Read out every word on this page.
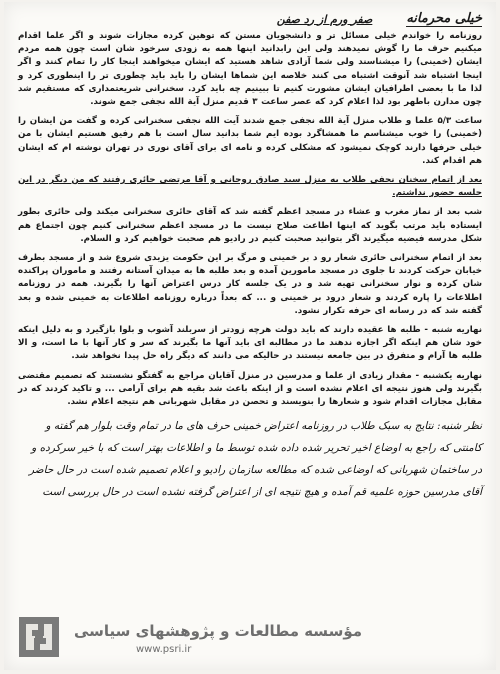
خیلی محرمانه
صفر ورم از رد صفن

روزنامه را خواندم خیلی مسائل تر و دانشجویان مستن که توهین کرده مجازات شوند و اگر علما اقدام میکنیم حرف ما را گوش نمیدهند ولی این رابدانید اینها همه به زودی سرخود شان است چون همه مردم ایشان (خمینی) را میشناسند ولی شما آزادی شاهد هستید که ایشان میخواهند اینجا کار را تمام کنند و اگر اینجا اشتباه شد آنوقت اشتباه می کنند خلاصه این شماها ایشان را باید باید چطوری تر را اینطوری کرد و لذا ما با بعضی اطرافیان ایشان مشورت کنیم تا ببینیم چه باید کرد. سخنرانی شریعتمداری که مستقیم شد چون مدارن باطهر بود لذا اعلام کرد که عصر ساعت ۳ قدیم منزل آیة الله نجفی جمع شوند.

ساعت ۵/۳ علما و طلاب منزل آیة الله نجفی جمع شدند آیت الله نجفی سخنرانی کرده و گفت من ایشان را (خمینی) را خوب میشناسم ما همشاگرد بوده ایم شما بدانید سال است با هم رفیق هستیم ایشان با من خیلی حرفها دارند کوچک نمیشود که مشکلی کرده و نامه ای برای آقای نوری در تهران نوشته ام که ایشان هم اقدام کند.

بعد از اتمام سخنان نجفی طلاب به منزل سید صادق روحانی و آقا مرتضی حائری رفتند که من دیگر در این جلسه حضور نداشتم.

شب بعد از نماز مغرب و عشاء در مسجد اعظم گفته شد که آقای حائری سخنرانی میکند ولی حائری بطور ایستاده باید مرتب بگوید که اینها اطاعت صلاح نیست ما در مسجد اعظم سخنرانی کنیم چون اجتماع هم شکل مدرسه فیضیه میگیرند اگر بتوانید صحبت کنیم در رادیو هم صحبت خواهیم کرد و السلام.

بعد از اتمام سخنرانی حائری شعار رو د بر خمینی و مرگ بر این حکومت یزیدی شروع شد و از مسجد بطرف خیابان حرکت کردند تا جلوی در مسجد مامورین آمده و بعد طلبه ها به میدان آستانه رفتند و ماموران پراکنده شان کرده و نوار سخنرانی تهیه شد و در یک جلسه کار درس اعتراض آنها را بگیرند. همه در روزنامه اطلاعات را پاره کردند و شعار درود بر خمینی و ... که بعداً درباره روزنامه اطلاعات به خمینی شده و بعد گفته شد که در رسانه ای حرفه تکرار نشود.

نهاریه شنبه - طلبه ها عقیده دارند که باید دولت هرچه زودتر از سربلند آشوب و بلوا بازگیرد و به دلیل اینکه خود شان هم اینکه اگر اجازه ندهند ما در مطالبه ای باید آنها ما بگیرند که سر و کار آنها با ما است، و الا طلبه ها آرام و متفرق در بین جامعه نیستند در حالیکه می دانند که دیگر راه حل پیدا نخواهد شد.

نهاریه یکشنبه - مقدار زیادی از علما و مدرسین در منزل آقایان مراجع به گفتگو نشستند که تصمیم مقتضی بگیرند ولی هنوز نتیجه ای اعلام نشده است و از اینکه باعث شد بقیه هم برای آرامی ... و تاکید کردند که در مقابل مجازات اقدام شود و شعارها را بنویسند و تحصن در مقابل شهربانی هم نتیجه اعلام نشد.

نظر شنبه: نتایج به سبک طلاب در روزنامه اعتراض خمینی حرف های ما در تمام وقت بلوار هم گفته و

کامنتی که راجع به اوضاع اخیر تحریر شده داده شده توسط ما و اطلاعات بهتر است که با خیر سرکرده و

در ساختمان شهربانی که اوضاعی شده که مطالعه سازمان رادیو و اعلام تصمیم شده است در حال حاضر

آقای مدرسین حوزه علمیه قم آمده و هیچ نتیجه ای از اعتراض گرفته نشده است در حال بررسی است

مؤسسه مطالعات و پژوهشهای سیاسی
www.psri.ir
